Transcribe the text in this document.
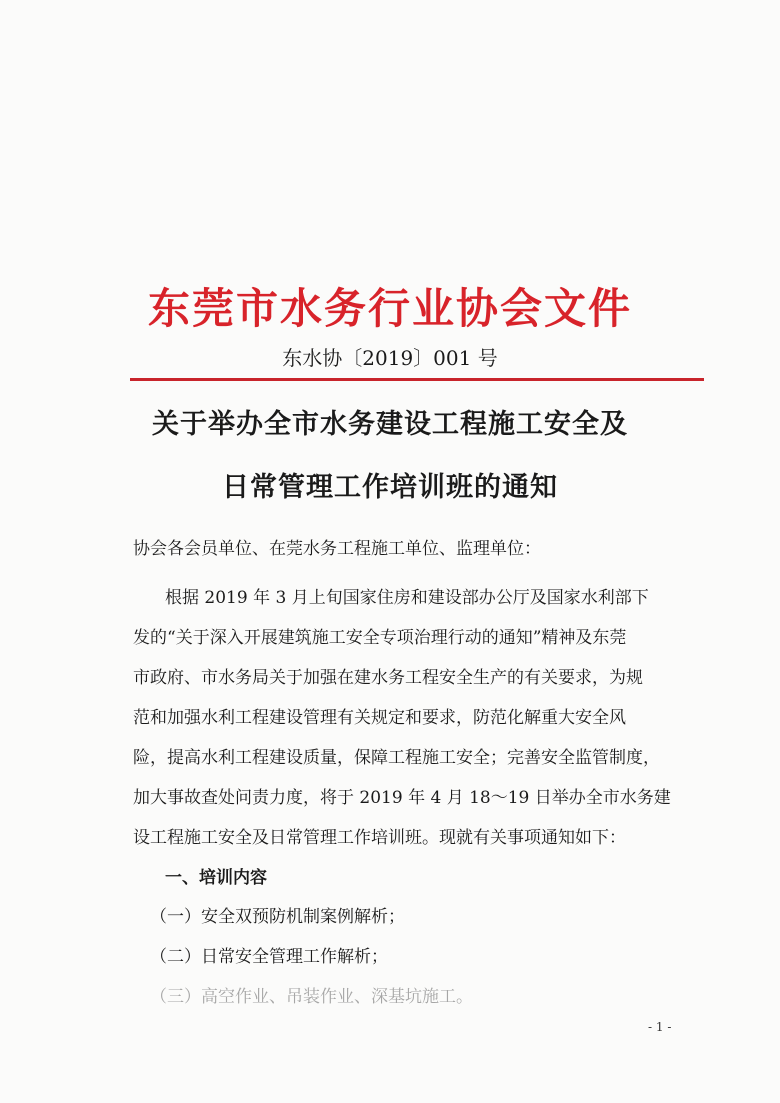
东莞市水务行业协会文件
东水协〔2019〕001 号
关于举办全市水务建设工程施工安全及
日常管理工作培训班的通知
协会各会员单位、在莞水务工程施工单位、监理单位：
根据 2019 年 3 月上旬国家住房和建设部办公厅及国家水利部下
发的“关于深入开展建筑施工安全专项治理行动的通知”精神及东莞
市政府、市水务局关于加强在建水务工程安全生产的有关要求，为规
范和加强水利工程建设管理有关规定和要求，防范化解重大安全风
险，提高水利工程建设质量，保障工程施工安全；完善安全监管制度，
加大事故查处问责力度，将于 2019 年 4 月 18～19 日举办全市水务建
设工程施工安全及日常管理工作培训班。现就有关事项通知如下：
一、培训内容
（一）安全双预防机制案例解析；
（二）日常安全管理工作解析；
（三）高空作业、吊装作业、深基坑施工。
- 1 -
